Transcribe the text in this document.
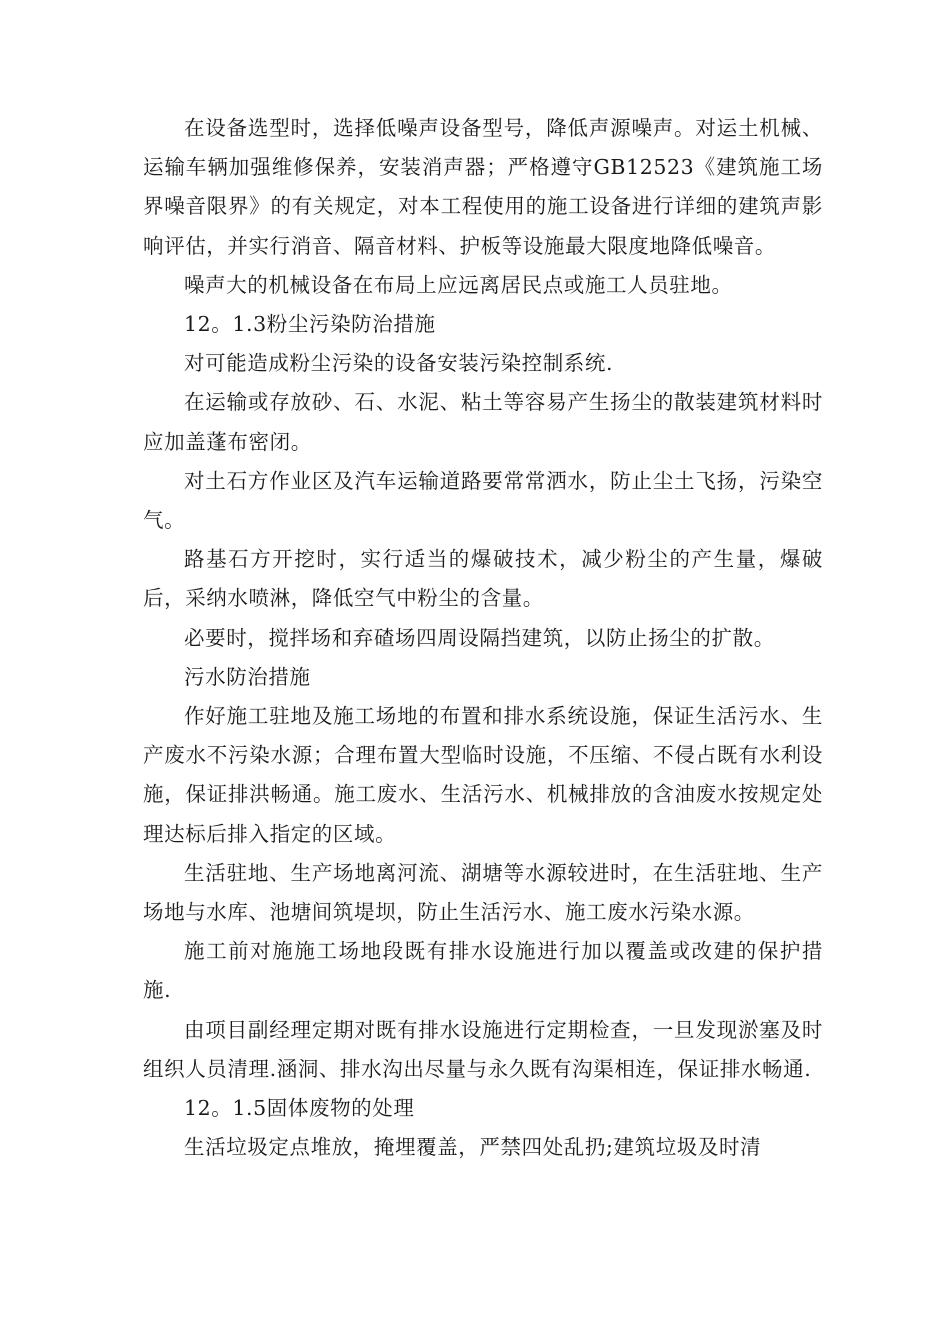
在设备选型时，选择低噪声设备型号，降低声源噪声。对运土机械、运输车辆加强维修保养，安装消声器；严格遵守GB12523《建筑施工场界噪音限界》的有关规定，对本工程使用的施工设备进行详细的建筑声影响评估，并实行消音、隔音材料、护板等设施最大限度地降低噪音。

噪声大的机械设备在布局上应远离居民点或施工人员驻地。

12。1.3粉尘污染防治措施

对可能造成粉尘污染的设备安装污染控制系统.

在运输或存放砂、石、水泥、粘土等容易产生扬尘的散装建筑材料时应加盖蓬布密闭。

对土石方作业区及汽车运输道路要常常洒水，防止尘土飞扬，污染空气。

路基石方开挖时，实行适当的爆破技术，减少粉尘的产生量，爆破后，采纳水喷淋，降低空气中粉尘的含量。

必要时，搅拌场和弃碴场四周设隔挡建筑，以防止扬尘的扩散。

污水防治措施

作好施工驻地及施工场地的布置和排水系统设施，保证生活污水、生产废水不污染水源；合理布置大型临时设施，不压缩、不侵占既有水利设施，保证排洪畅通。施工废水、生活污水、机械排放的含油废水按规定处理达标后排入指定的区域。

生活驻地、生产场地离河流、湖塘等水源较进时，在生活驻地、生产场地与水库、池塘间筑堤坝，防止生活污水、施工废水污染水源。

施工前对施施工场地段既有排水设施进行加以覆盖或改建的保护措施.

由项目副经理定期对既有排水设施进行定期检查，一旦发现淤塞及时组织人员清理.涵洞、排水沟出尽量与永久既有沟渠相连，保证排水畅通.

12。1.5固体废物的处理

生活垃圾定点堆放，掩埋覆盖，严禁四处乱扔;建筑垃圾及时清
